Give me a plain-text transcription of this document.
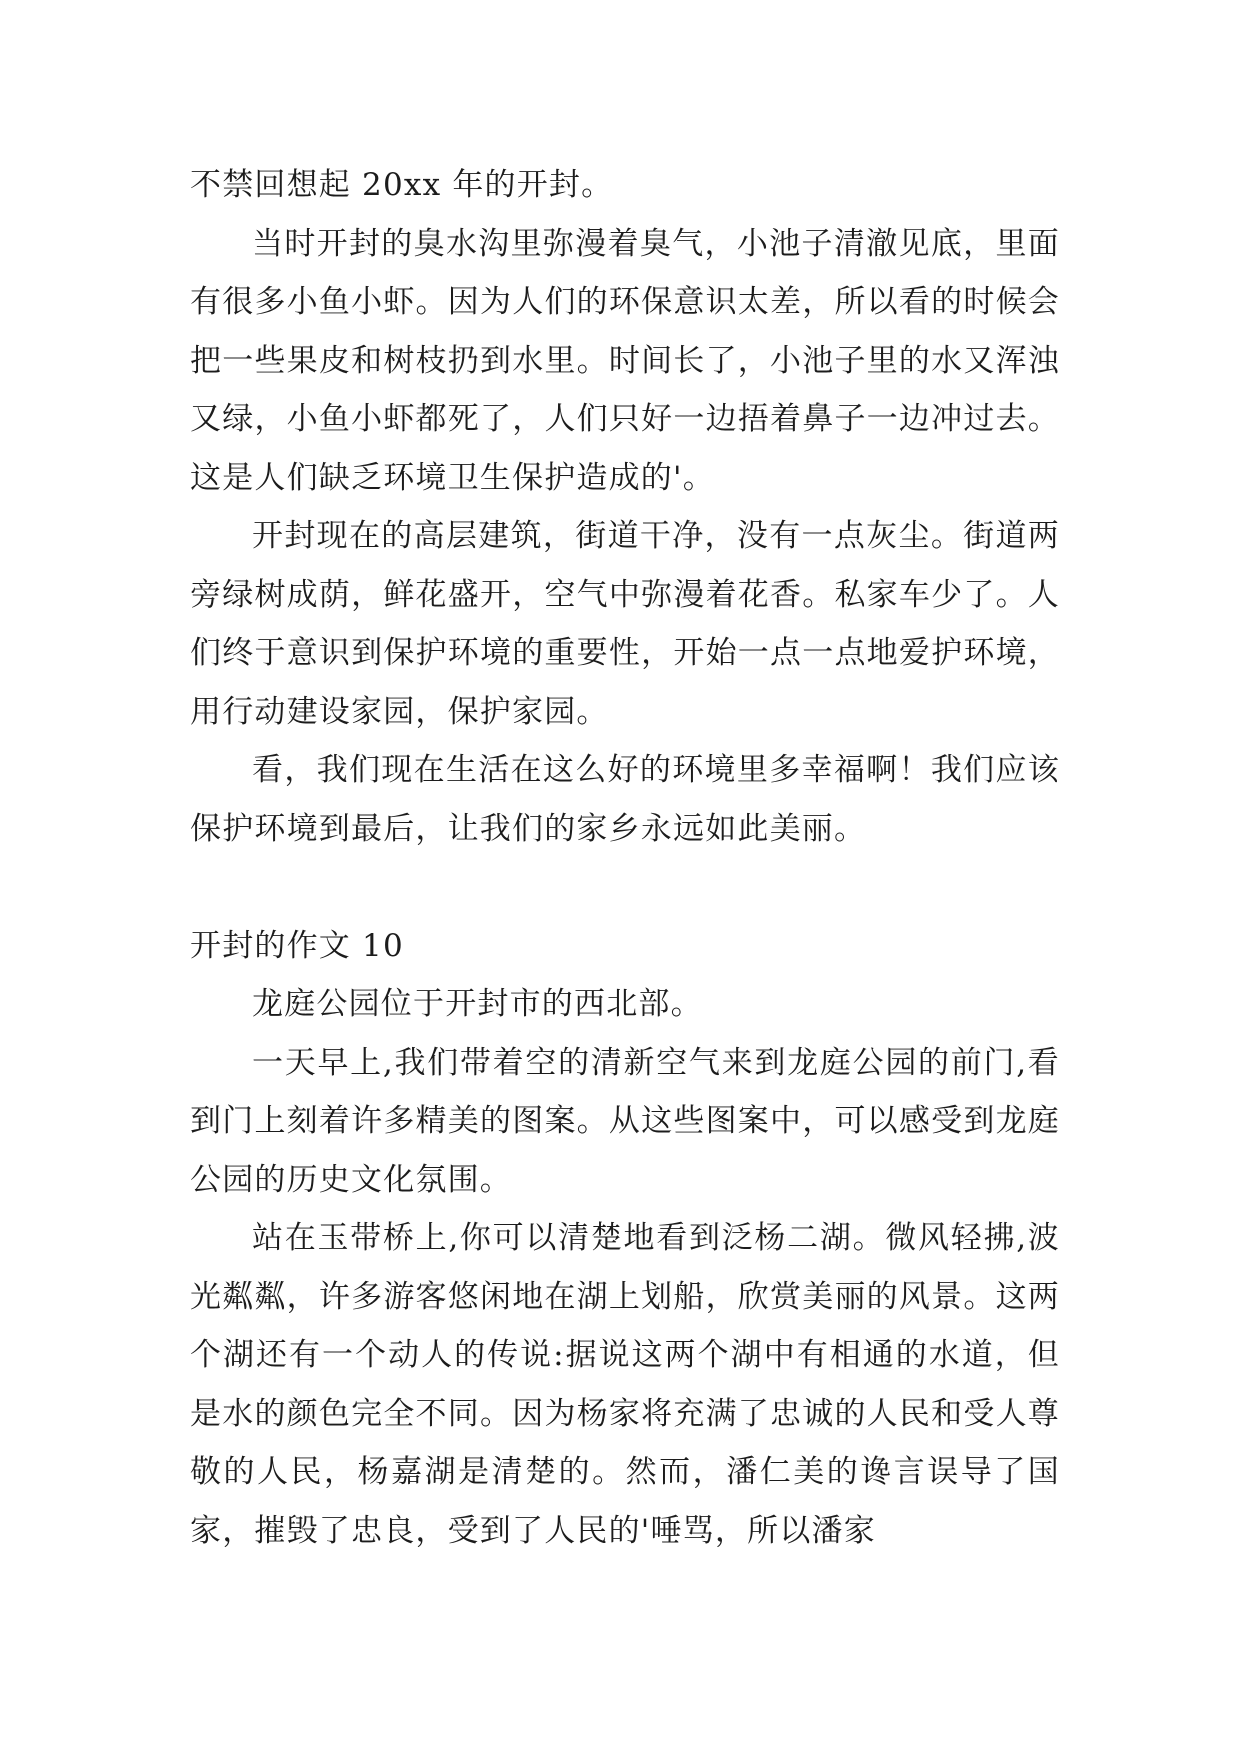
不禁回想起 20xx 年的开封。

当时开封的臭水沟里弥漫着臭气，小池子清澈见底，里面有很多小鱼小虾。因为人们的环保意识太差，所以看的时候会把一些果皮和树枝扔到水里。时间长了，小池子里的水又浑浊又绿，小鱼小虾都死了，人们只好一边捂着鼻子一边冲过去。这是人们缺乏环境卫生保护造成的'。

开封现在的高层建筑，街道干净，没有一点灰尘。街道两旁绿树成荫，鲜花盛开，空气中弥漫着花香。私家车少了。人们终于意识到保护环境的重要性，开始一点一点地爱护环境，用行动建设家园，保护家园。

看，我们现在生活在这么好的环境里多幸福啊！我们应该保护环境到最后，让我们的家乡永远如此美丽。

开封的作文 10

龙庭公园位于开封市的西北部。

一天早上,我们带着空的清新空气来到龙庭公园的前门,看到门上刻着许多精美的图案。从这些图案中，可以感受到龙庭公园的历史文化氛围。

站在玉带桥上,你可以清楚地看到泛杨二湖。微风轻拂,波光粼粼，许多游客悠闲地在湖上划船，欣赏美丽的风景。这两个湖还有一个动人的传说:据说这两个湖中有相通的水道，但是水的颜色完全不同。因为杨家将充满了忠诚的人民和受人尊敬的人民，杨嘉湖是清楚的。然而，潘仁美的谗言误导了国家，摧毁了忠良，受到了人民的'唾骂，所以潘家
